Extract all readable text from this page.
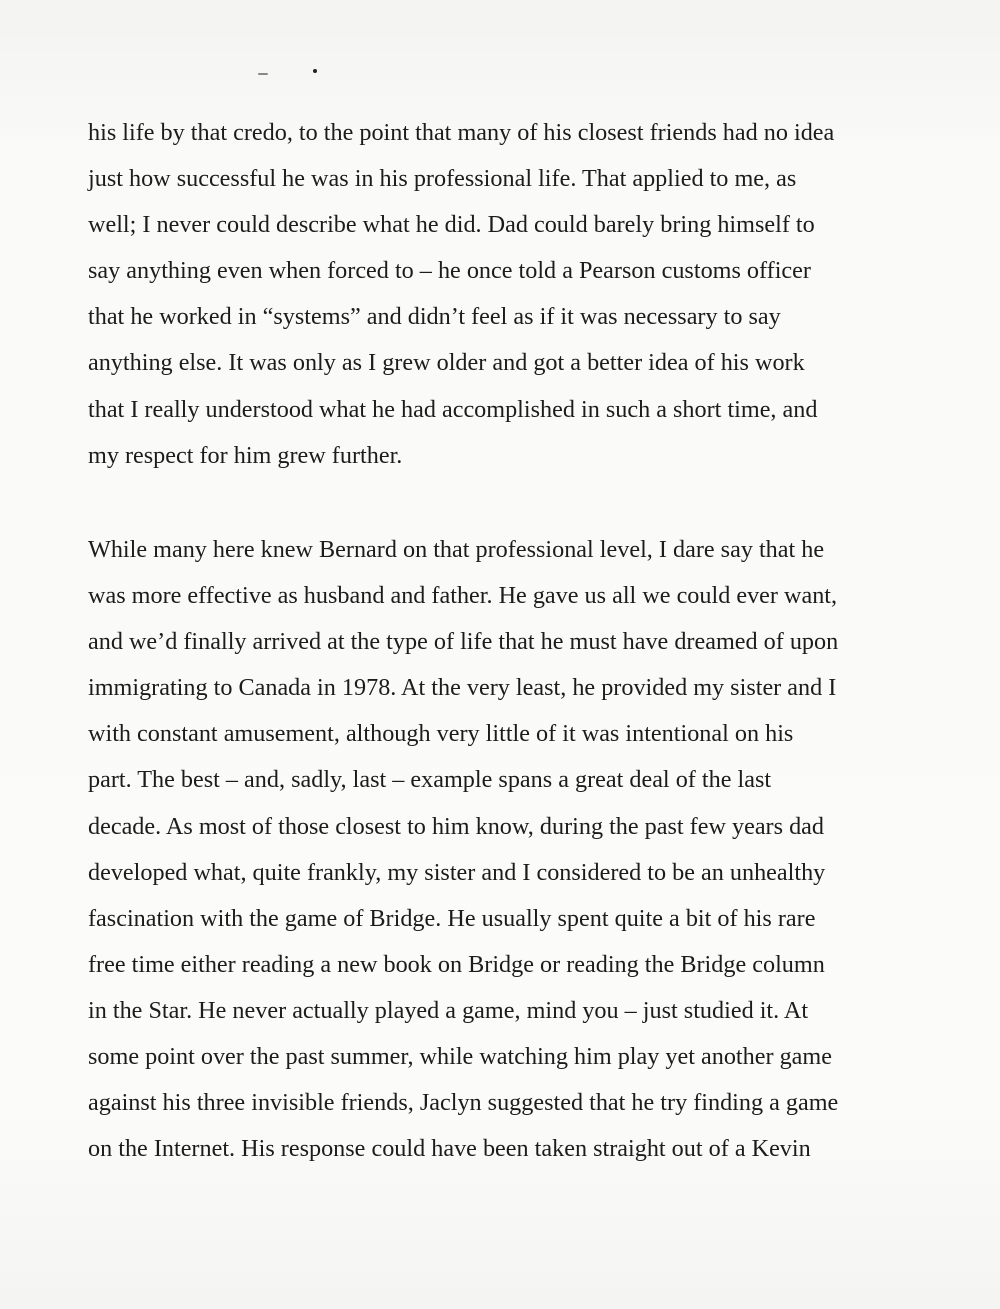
his life by that credo, to the point that many of his closest friends had no idea
just how successful he was in his professional life. That applied to me, as
well; I never could describe what he did. Dad could barely bring himself to
say anything even when forced to – he once told a Pearson customs officer
that he worked in “systems” and didn’t feel as if it was necessary to say
anything else. It was only as I grew older and got a better idea of his work
that I really understood what he had accomplished in such a short time, and
my respect for him grew further.

While many here knew Bernard on that professional level, I dare say that he
was more effective as husband and father. He gave us all we could ever want,
and we’d finally arrived at the type of life that he must have dreamed of upon
immigrating to Canada in 1978. At the very least, he provided my sister and I
with constant amusement, although very little of it was intentional on his
part. The best – and, sadly, last – example spans a great deal of the last
decade. As most of those closest to him know, during the past few years dad
developed what, quite frankly, my sister and I considered to be an unhealthy
fascination with the game of Bridge. He usually spent quite a bit of his rare
free time either reading a new book on Bridge or reading the Bridge column
in the Star. He never actually played a game, mind you – just studied it. At
some point over the past summer, while watching him play yet another game
against his three invisible friends, Jaclyn suggested that he try finding a game
on the Internet. His response could have been taken straight out of a Kevin
